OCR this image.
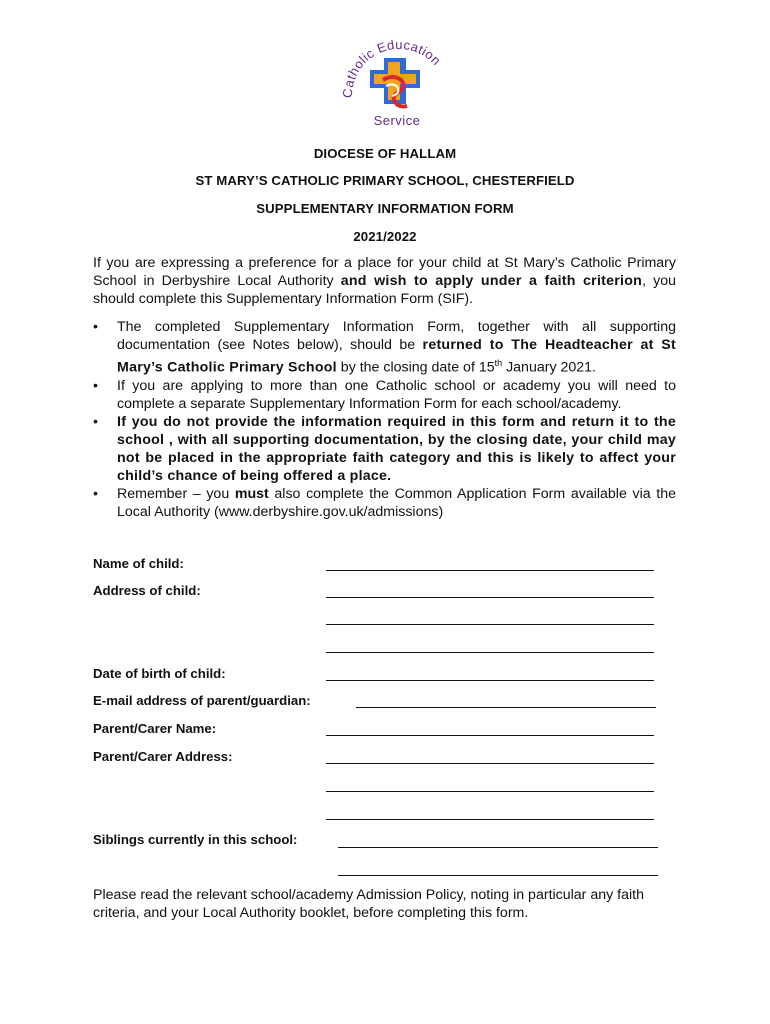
Catholic Education
Service
DIOCESE OF HALLAM
ST MARY’S CATHOLIC PRIMARY SCHOOL, CHESTERFIELD
SUPPLEMENTARY INFORMATION FORM
2021/2022
If you are expressing a preference for a place for your child at St Mary’s Catholic Primary School in Derbyshire Local Authority and wish to apply under a faith criterion, you should complete this Supplementary Information Form (SIF).
• The completed Supplementary Information Form, together with all supporting documentation (see Notes below), should be returned to The Headteacher at St Mary’s Catholic Primary School by the closing date of 15th January 2021.
• If you are applying to more than one Catholic school or academy you will need to complete a separate Supplementary Information Form for each school/academy.
• If you do not provide the information required in this form and return it to the school , with all supporting documentation, by the closing date, your child may not be placed in the appropriate faith category and this is likely to affect your child’s chance of being offered a place.
• Remember – you must also complete the Common Application Form available via the Local Authority (www.derbyshire.gov.uk/admissions)
Name of child:
Address of child:
Date of birth of child:
E-mail address of parent/guardian:
Parent/Carer Name:
Parent/Carer Address:
Siblings currently in this school:
Please read the relevant school/academy Admission Policy, noting in particular any faith criteria, and your Local Authority booklet, before completing this form.
